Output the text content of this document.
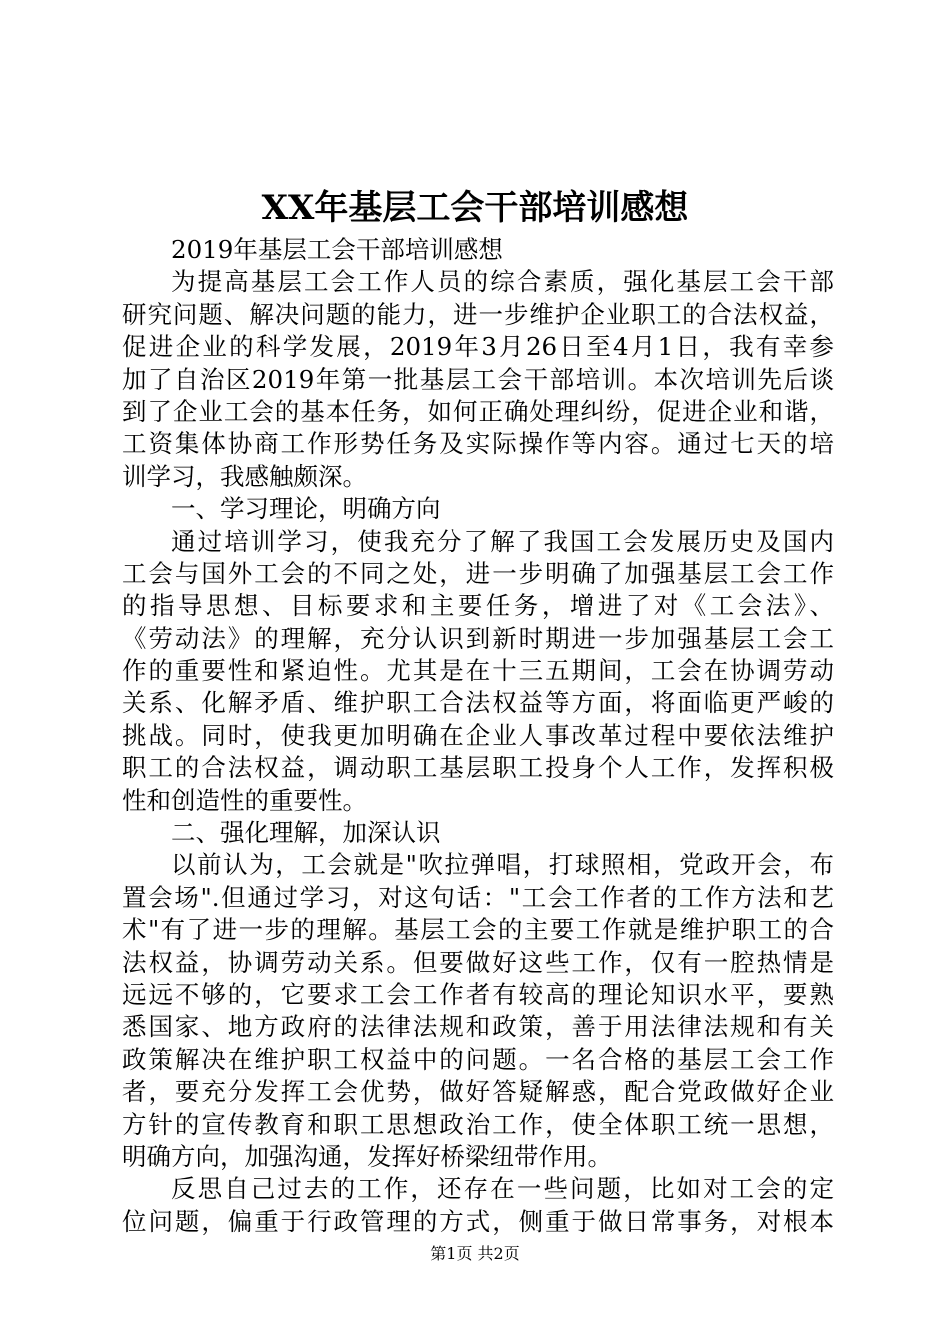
XX年基层工会干部培训感想
2019年基层工会干部培训感想
为提高基层工会工作人员的综合素质，强化基层工会干部
研究问题、解决问题的能力，进一步维护企业职工的合法权益，
促进企业的科学发展，2019年3月26日至4月1日，我有幸参
加了自治区2019年第一批基层工会干部培训。本次培训先后谈
到了企业工会的基本任务，如何正确处理纠纷，促进企业和谐，
工资集体协商工作形势任务及实际操作等内容。通过七天的培
训学习，我感触颇深。
一、学习理论，明确方向
通过培训学习，使我充分了解了我国工会发展历史及国内
工会与国外工会的不同之处，进一步明确了加强基层工会工作
的指导思想、目标要求和主要任务，增进了对《工会法》、
《劳动法》的理解，充分认识到新时期进一步加强基层工会工
作的重要性和紧迫性。尤其是在十三五期间，工会在协调劳动
关系、化解矛盾、维护职工合法权益等方面，将面临更严峻的
挑战。同时，使我更加明确在企业人事改革过程中要依法维护
职工的合法权益，调动职工基层职工投身个人工作，发挥积极
性和创造性的重要性。
二、强化理解，加深认识
以前认为，工会就是"吹拉弹唱，打球照相，党政开会，布
置会场".但通过学习，对这句话："工会工作者的工作方法和艺
术"有了进一步的理解。基层工会的主要工作就是维护职工的合
法权益，协调劳动关系。但要做好这些工作，仅有一腔热情是
远远不够的，它要求工会工作者有较高的理论知识水平，要熟
悉国家、地方政府的法律法规和政策，善于用法律法规和有关
政策解决在维护职工权益中的问题。一名合格的基层工会工作
者，要充分发挥工会优势，做好答疑解惑，配合党政做好企业
方针的宣传教育和职工思想政治工作，使全体职工统一思想，
明确方向，加强沟通，发挥好桥梁纽带作用。
反思自己过去的工作，还存在一些问题，比如对工会的定
位问题，偏重于行政管理的方式，侧重于做日常事务，对根本
第1页 共2页
